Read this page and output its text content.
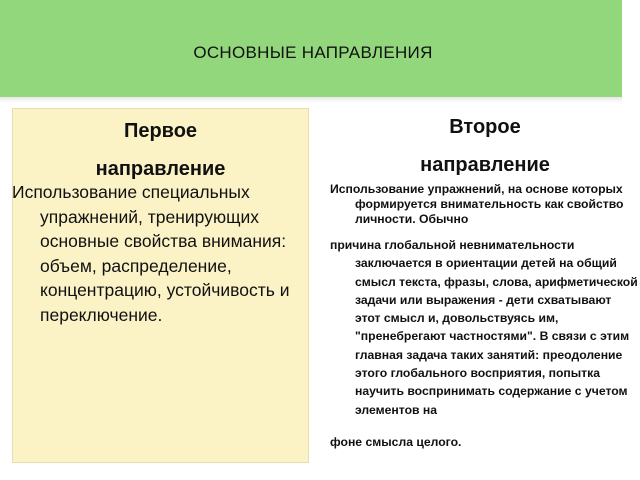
ОСНОВНЫЕ НАПРАВЛЕНИЯ
Первое
направление

Использование специальных упражнений, тренирующих основные свойства внимания: объем, распределение, концентрацию, устойчивость и переключение.

Второе
направление
Использование упражнений, на основе которых формируется внимательность как свойство личности. Обычно
причина глобальной невнимательности заключается в ориентации детей на общий смысл текста, фразы, слова, арифметической задачи или выражения - дети схватывают этот смысл и, довольствуясь им, "пренебрегают частностями". В связи с этим главная задача таких занятий: преодоление этого глобального восприятия, попытка научить воспринимать содержание с учетом элементов на
фоне смысла целого.
